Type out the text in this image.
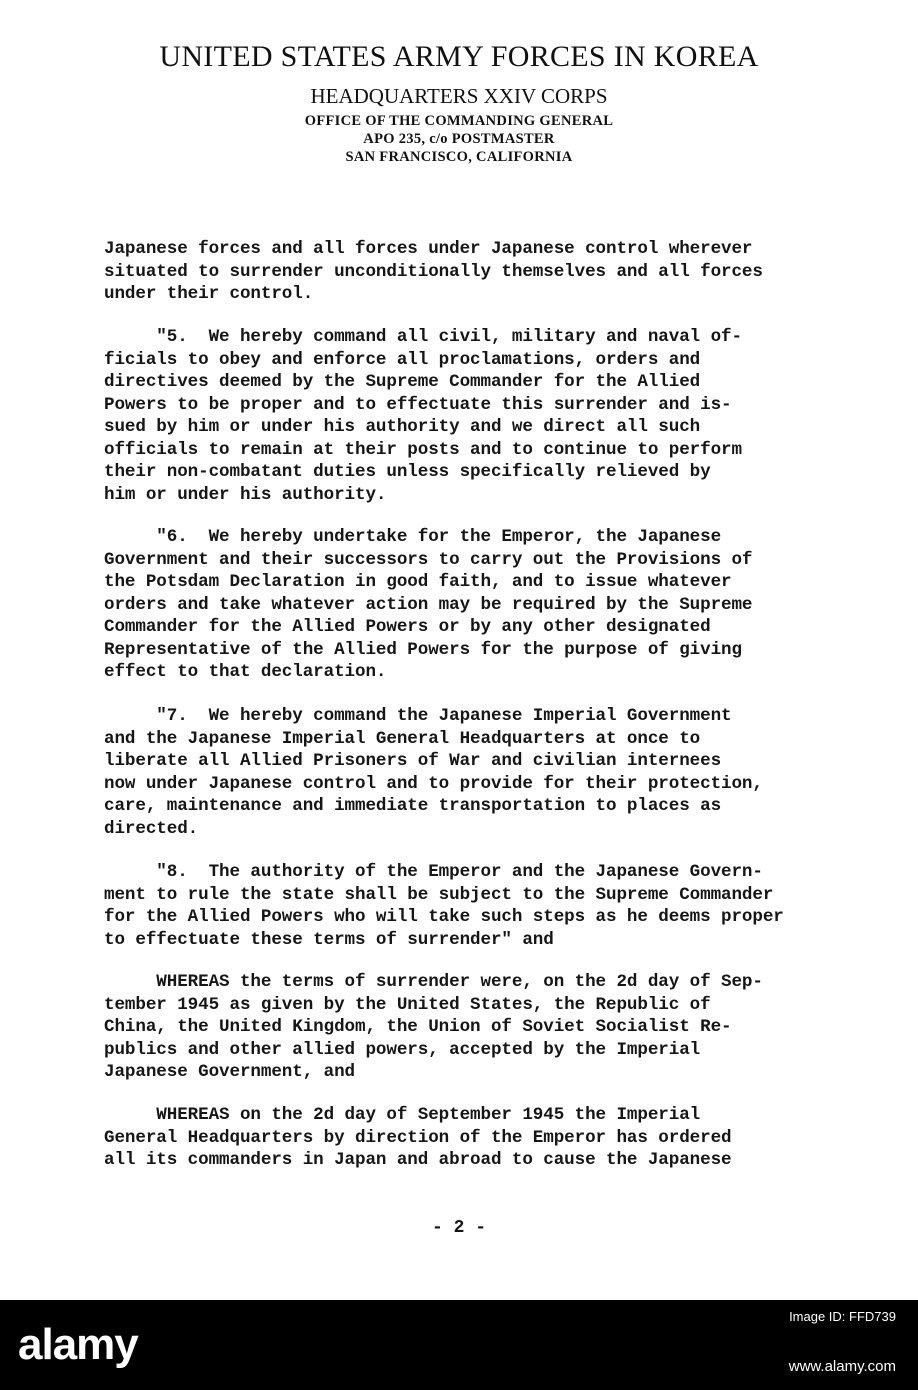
UNITED STATES ARMY FORCES IN KOREA
HEADQUARTERS XXIV CORPS
OFFICE OF THE COMMANDING GENERAL
APO 235, c/o POSTMASTER
SAN FRANCISCO, CALIFORNIA
Japanese forces and all forces under Japanese control wherever
situated to surrender unconditionally themselves and all forces
under their control.
"5.  We hereby command all civil, military and naval of-
ficials to obey and enforce all proclamations, orders and
directives deemed by the Supreme Commander for the Allied
Powers to be proper and to effectuate this surrender and is-
sued by him or under his authority and we direct all such
officials to remain at their posts and to continue to perform
their non-combatant duties unless specifically relieved by
him or under his authority.
"6.  We hereby undertake for the Emperor, the Japanese
Government and their successors to carry out the Provisions of
the Potsdam Declaration in good faith, and to issue whatever
orders and take whatever action may be required by the Supreme
Commander for the Allied Powers or by any other designated
Representative of the Allied Powers for the purpose of giving
effect to that declaration.
"7.  We hereby command the Japanese Imperial Government
and the Japanese Imperial General Headquarters at once to
liberate all Allied Prisoners of War and civilian internees
now under Japanese control and to provide for their protection,
care, maintenance and immediate transportation to places as
directed.
"8.  The authority of the Emperor and the Japanese Govern-
ment to rule the state shall be subject to the Supreme Commander
for the Allied Powers who will take such steps as he deems proper
to effectuate these terms of surrender" and
WHEREAS the terms of surrender were, on the 2d day of Sep-
tember 1945 as given by the United States, the Republic of
China, the United Kingdom, the Union of Soviet Socialist Re-
publics and other allied powers, accepted by the Imperial
Japanese Government, and
WHEREAS on the 2d day of September 1945 the Imperial
General Headquarters by direction of the Emperor has ordered
all its commanders in Japan and abroad to cause the Japanese
- 2 -
alamy
Image ID: FFD739
www.alamy.com
